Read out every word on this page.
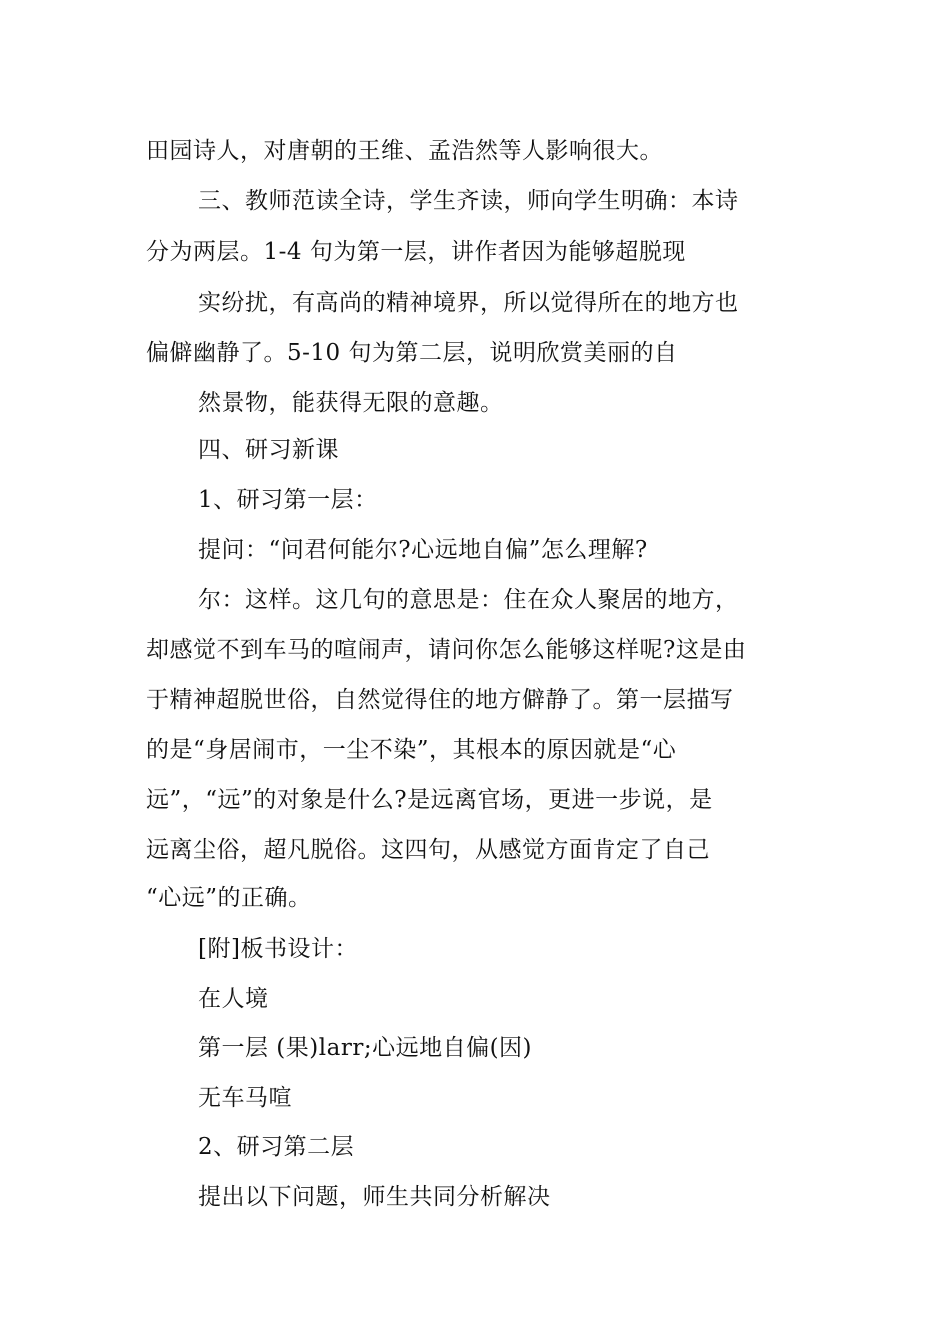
田园诗人，对唐朝的王维、孟浩然等人影响很大。
三、教师范读全诗，学生齐读，师向学生明确：本诗
分为两层。1-4 句为第一层，讲作者因为能够超脱现
实纷扰，有高尚的精神境界，所以觉得所在的地方也
偏僻幽静了。5-10 句为第二层，说明欣赏美丽的自
然景物，能获得无限的意趣。
四、研习新课
1、研习第一层：
提问：“问君何能尔?心远地自偏”怎么理解?
尔：这样。这几句的意思是：住在众人聚居的地方，
却感觉不到车马的喧闹声，请问你怎么能够这样呢?这是由
于精神超脱世俗，自然觉得住的地方僻静了。第一层描写
的是“身居闹市，一尘不染”，其根本的原因就是“心
远”，“远”的对象是什么?是远离官场，更进一步说，是
远离尘俗，超凡脱俗。这四句，从感觉方面肯定了自己
“心远”的正确。
[附]板书设计：
在人境
第一层 (果)larr;心远地自偏(因)
无车马喧
2、研习第二层
提出以下问题，师生共同分析解决
